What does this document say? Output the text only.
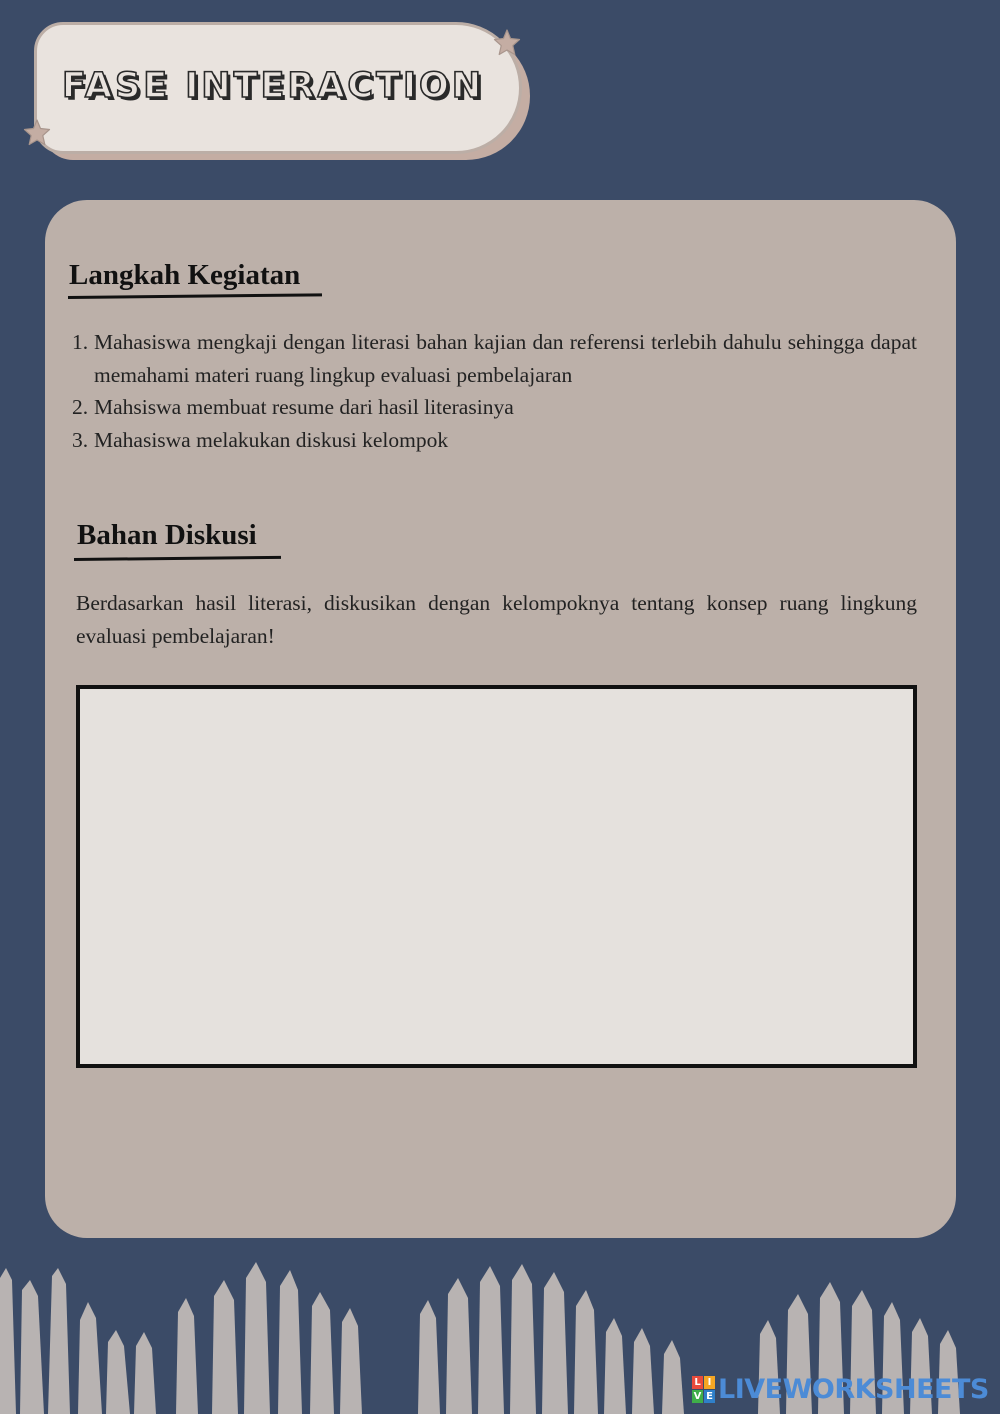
FASE INTERACTION
Langkah Kegiatan
1. Mahasiswa mengkaji dengan literasi bahan kajian dan referensi terlebih dahulu sehingga dapat memahami materi ruang lingkup evaluasi pembelajaran
2. Mahsiswa membuat resume dari hasil literasinya
3. Mahasiswa melakukan diskusi kelompok
Bahan Diskusi

Berdasarkan hasil literasi, diskusikan dengan kelompoknya tentang konsep ruang lingkung evaluasi pembelajaran!

L I
V E LIVEWORKSHEETS
